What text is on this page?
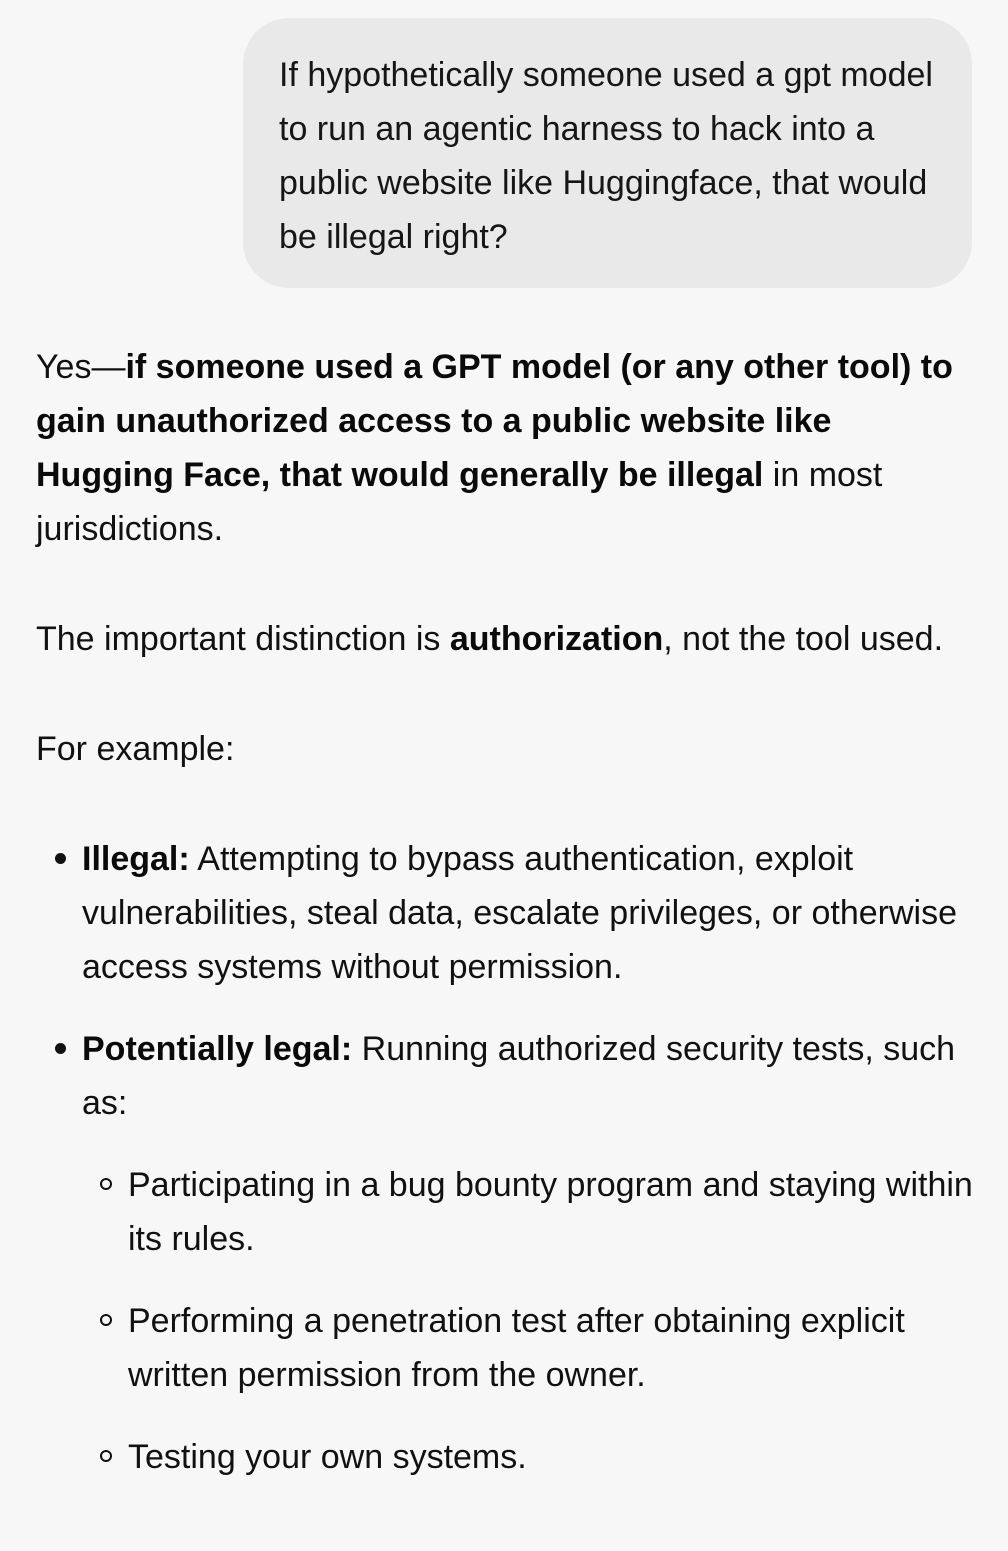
If hypothetically someone used a gpt model to run an agentic harness to hack into a public website like Huggingface, that would be illegal right?

Yes—if someone used a GPT model (or any other tool) to gain unauthorized access to a public website like Hugging Face, that would generally be illegal in most jurisdictions.

The important distinction is authorization, not the tool used.

For example:

Illegal: Attempting to bypass authentication, exploit vulnerabilities, steal data, escalate privileges, or otherwise access systems without permission.
Potentially legal: Running authorized security tests, such as:
Participating in a bug bounty program and staying within its rules.
Performing a penetration test after obtaining explicit written permission from the owner.
Testing your own systems.
